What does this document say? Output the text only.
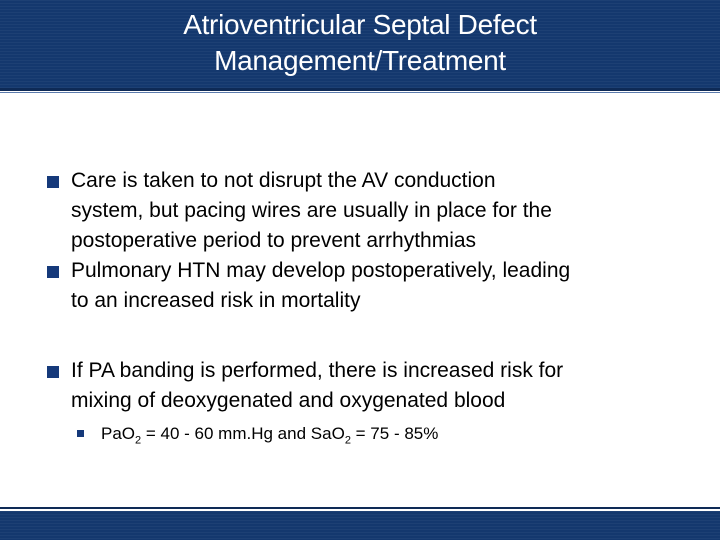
Atrioventricular Septal Defect
Management/Treatment
Care is taken to not disrupt the AV conduction
system, but pacing wires are usually in place for the
postoperative period to prevent arrhythmias
Pulmonary HTN may develop postoperatively, leading
to an increased risk in mortality
If PA banding is performed, there is increased risk for
mixing of deoxygenated and oxygenated blood
PaO$_2$ = 40 - 60 mm.Hg and SaO$_2$ = 75 - 85%
